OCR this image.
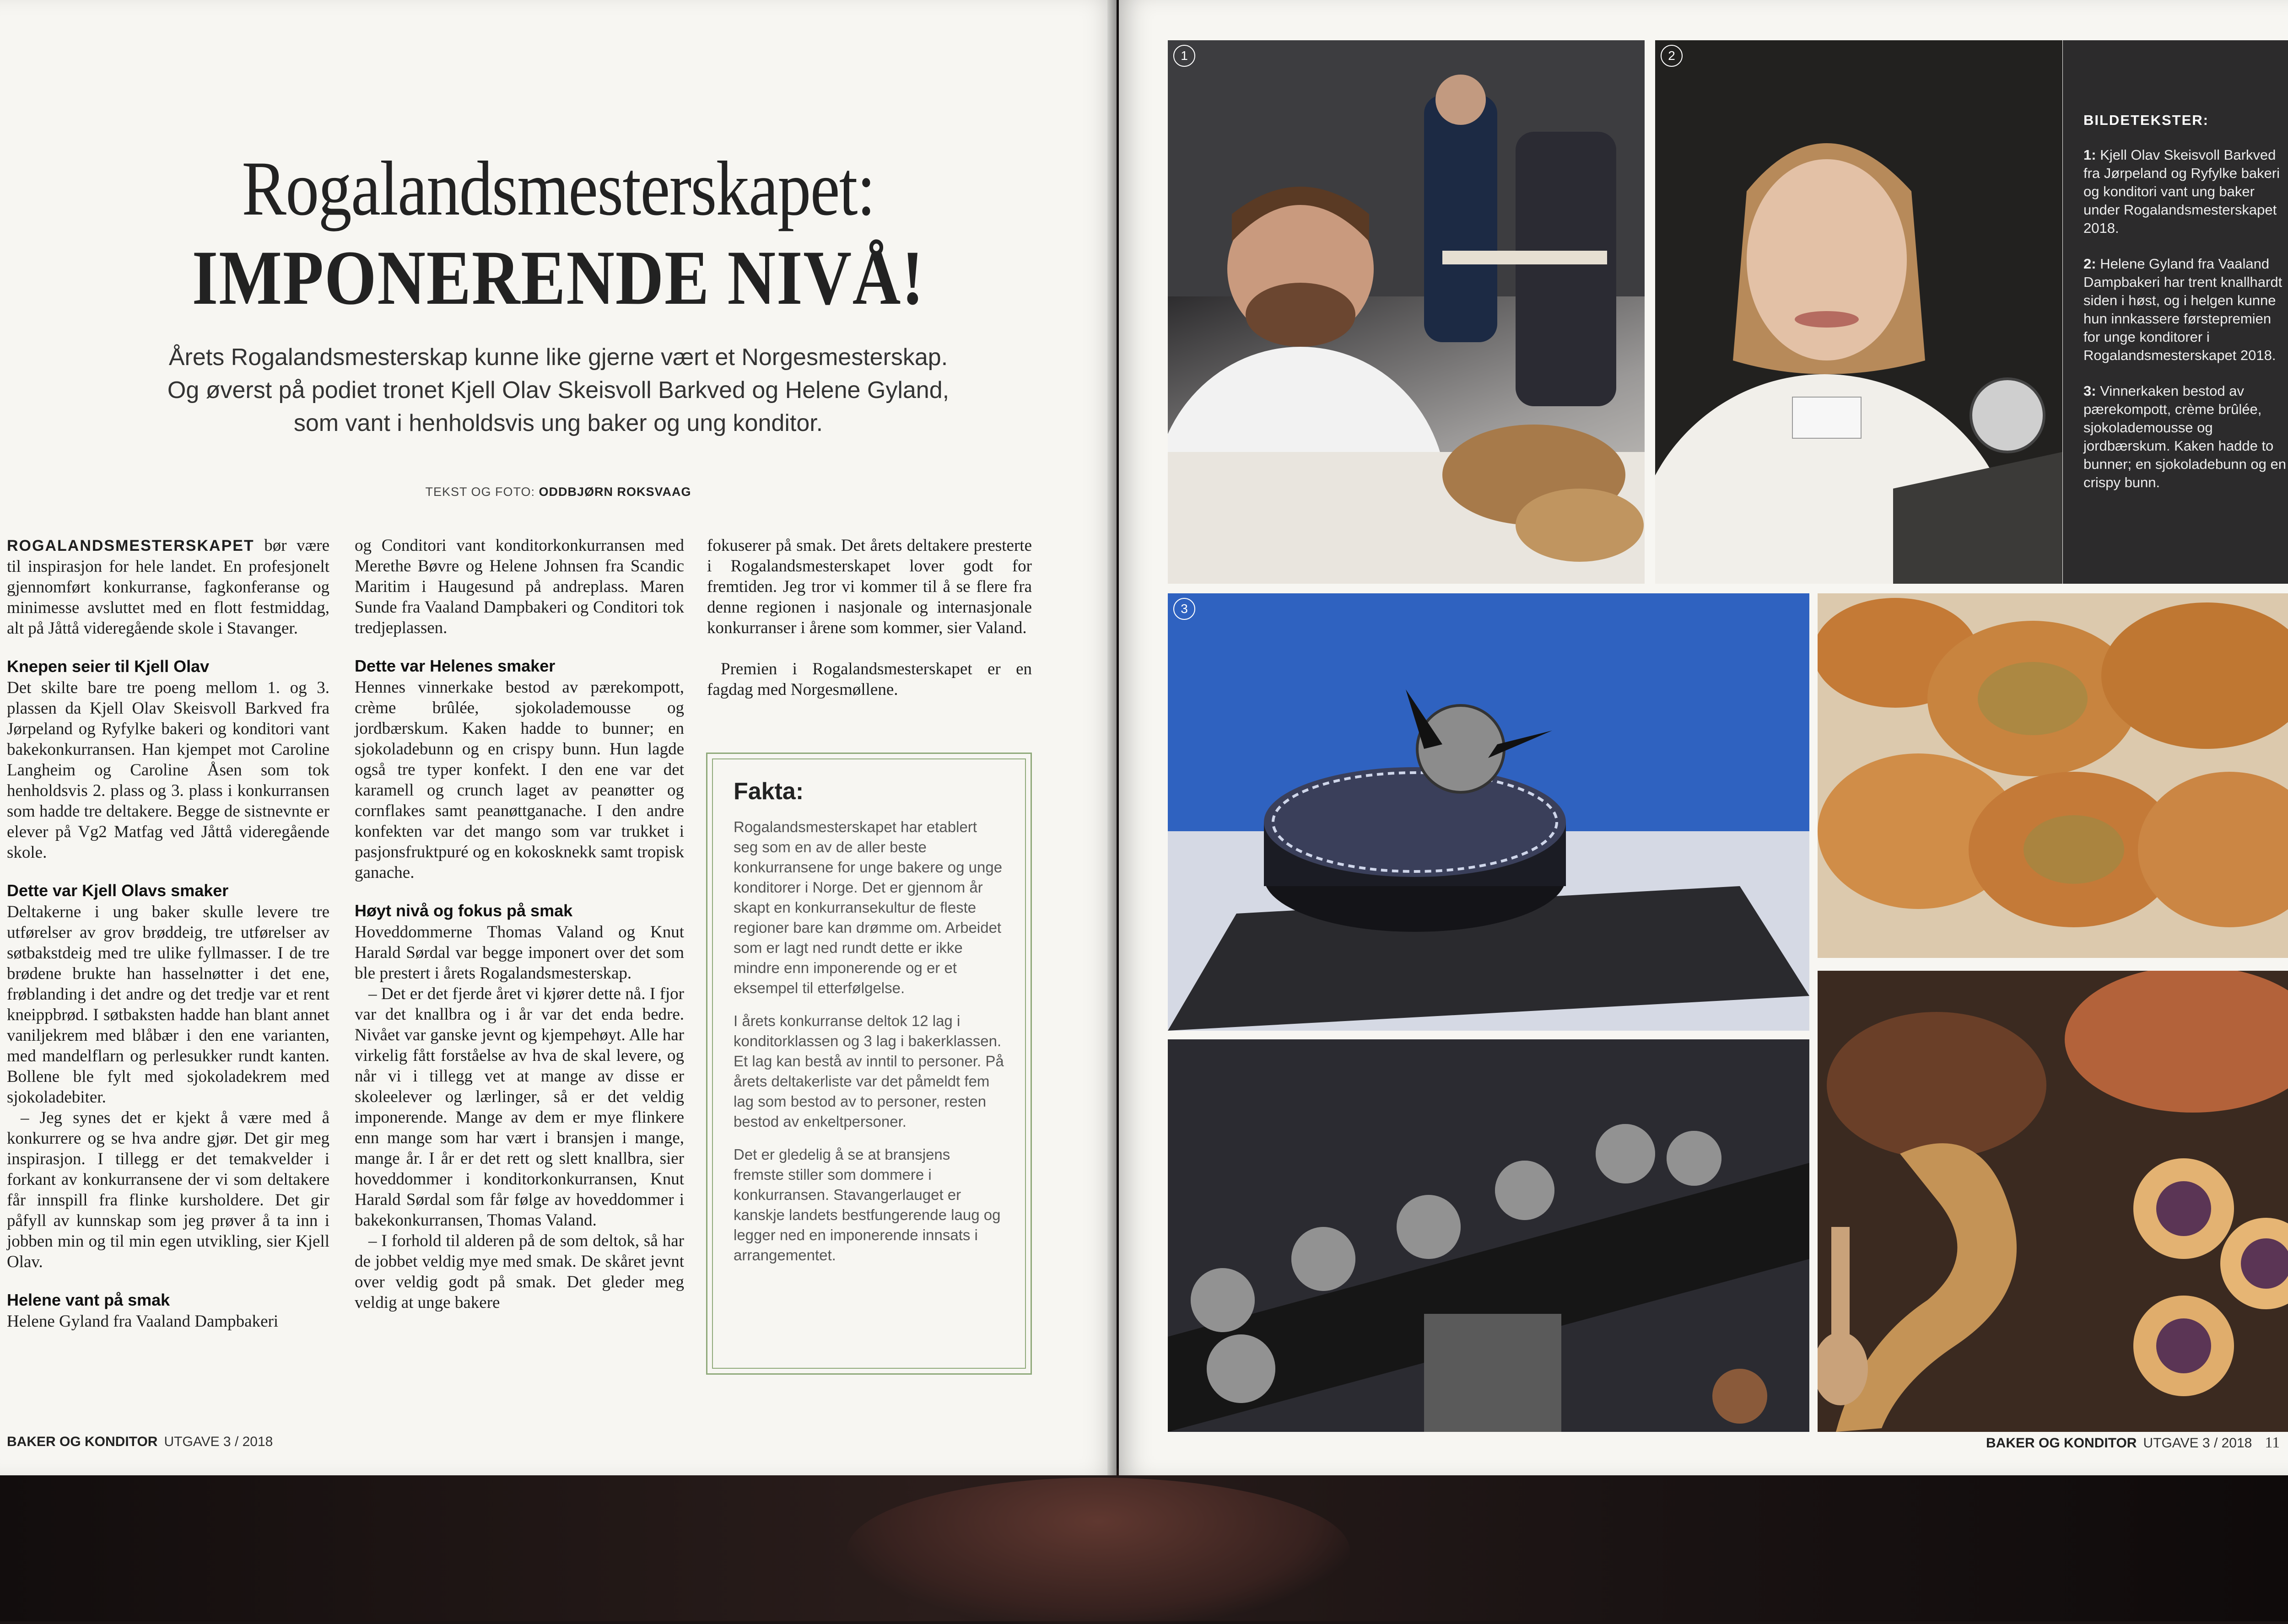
Rogalandsmesterskapet:
IMPONERENDE NIVÅ!
Årets Rogalandsmesterskap kunne like gjerne vært et Norgesmesterskap. Og øverst på podiet tronet Kjell Olav Skeisvoll Barkved og Helene Gyland, som vant i henholdsvis ung baker og ung konditor.
TEKST OG FOTO: ODDBJØRN ROKSVAAG

ROGALANDSMESTERSKAPET bør være til inspirasjon for hele landet. En profesjonelt gjennomført konkurranse, fagkonferanse og minimesse avsluttet med en flott festmiddag, alt på Jåttå videregående skole i Stavanger.

Knepen seier til Kjell Olav

Det skilte bare tre poeng mellom 1. og 3. plassen da Kjell Olav Skeisvoll Barkved fra Jørpeland og Ryfylke bakeri og konditori vant bakekonkurransen. Han kjempet mot Caroline Langheim og Caroline Åsen som tok henholdsvis 2. plass og 3. plass i konkurransen som hadde tre deltakere. Begge de sistnevnte er elever på Vg2 Matfag ved Jåttå videregående skole.

Dette var Kjell Olavs smaker

Deltakerne i ung baker skulle levere tre utførelser av grov brøddeig, tre utførelser av søtbakstdeig med tre ulike fyllmasser. I de tre brødene brukte han hasselnøtter i det ene, frøblanding i det andre og det tredje var et rent kneippbrød. I søtbaksten hadde han blant annet vaniljekrem med blåbær i den ene varianten, med mandelflarn og perlesukker rundt kanten. Bollene ble fylt med sjokoladekrem med sjokoladebiter.

– Jeg synes det er kjekt å være med å konkurrere og se hva andre gjør. Det gir meg inspirasjon. I tillegg er det temakvelder i forkant av konkurransene der vi som deltakere får innspill fra flinke kursholdere. Det gir påfyll av kunnskap som jeg prøver å ta inn i jobben min og til min egen utvikling, sier Kjell Olav.

Helene vant på smak

Helene Gyland fra Vaaland Dampbakeri

og Conditori vant konditorkonkurransen med Merethe Bøvre og Helene Johnsen fra Scandic Maritim i Haugesund på andreplass. Maren Sunde fra Vaaland Dampbakeri og Conditori tok tredjeplassen.

Dette var Helenes smaker

Hennes vinnerkake bestod av pærekompott, crème brûlée, sjokolademousse og jordbærskum. Kaken hadde to bunner; en sjokoladebunn og en crispy bunn. Hun lagde også tre typer konfekt. I den ene var det karamell og crunch laget av peanøtter og cornflakes samt peanøttganache. I den andre konfekten var det mango som var trukket i pasjonsfruktpuré og en kokosknekk samt tropisk ganache.

Høyt nivå og fokus på smak

Hoveddommerne Thomas Valand og Knut Harald Sørdal var begge imponert over det som ble prestert i årets Rogalandsmesterskap.

– Det er det fjerde året vi kjører dette nå. I fjor var det knallbra og i år var det enda bedre. Nivået var ganske jevnt og kjempehøyt. Alle har virkelig fått forståelse av hva de skal levere, og når vi i tillegg vet at mange av disse er skoleelever og lærlinger, så er det veldig imponerende. Mange av dem er mye flinkere enn mange som har vært i bransjen i mange, mange år. I år er det rett og slett knallbra, sier hoveddommer i konditorkonkurransen, Knut Harald Sørdal som får følge av hoveddommer i bakekonkurransen, Thomas Valand.

– I forhold til alderen på de som deltok, så har de jobbet veldig mye med smak. De skåret jevnt over veldig godt på smak. Det gleder meg veldig at unge bakere

fokuserer på smak. Det årets deltakere presterte i Rogalandsmesterskapet lover godt for fremtiden. Jeg tror vi kommer til å se flere fra denne regionen i nasjonale og internasjonale konkurranser i årene som kommer, sier Valand.

Premien i Rogalandsmesterskapet er en fagdag med Norgesmøllene.

Fakta:

Rogalandsmesterskapet har etablert seg som en av de aller beste konkurransene for unge bakere og unge konditorer i Norge. Det er gjennom år skapt en konkurransekultur de fleste regioner bare kan drømme om. Arbeidet som er lagt ned rundt dette er ikke mindre enn imponerende og er et eksempel til etterfølgelse.

I årets konkurranse deltok 12 lag i konditorklassen og 3 lag i bakerklassen. Et lag kan bestå av inntil to personer. På årets deltakerliste var det påmeldt fem lag som bestod av to personer, resten bestod av enkeltpersoner.

Det er gledelig å se at bransjens fremste stiller som dommere i konkurransen. Stavangerlauget er kanskje landets bestfungerende laug og legger ned en imponerende innsats i arrangementet.

BAKER OG KONDITOR UTGAVE 3 / 2018
1	2
BILDETEKSTER:

1: Kjell Olav Skeisvoll Barkved fra Jørpeland og Ryfylke bakeri og konditori vant ung baker under Rogalandsmesterskapet 2018.

2: Helene Gyland fra Vaaland Dampbakeri har trent knallhardt siden i høst, og i helgen kunne hun innkassere førstepremien for unge konditorer i Rogalandsmesterskapet 2018.

3: Vinnerkaken bestod av pærekompott, crème brûlée, sjokolademousse og jordbærskum. Kaken hadde to bunner; en sjokoladebunn og en crispy bunn.

3
BAKER OG KONDITOR UTGAVE 3 / 2018 11
